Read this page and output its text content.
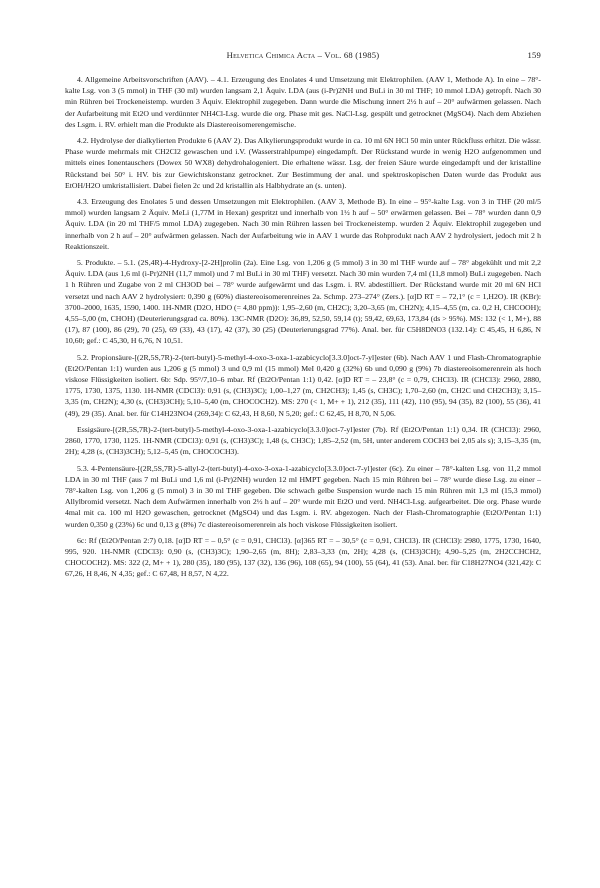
Helvetica Chimica Acta – Vol. 68 (1985)	159

4. Allgemeine Arbeitsvorschriften (AAV). – 4.1. Erzeugung des Enolates 4 und Umsetzung mit Elektrophilen. (AAV 1, Methode A). In eine – 78°-kalte Lsg. von 3 (5 mmol) in THF (30 ml) wurden langsam 2,1 Äquiv. LDA (aus (i-Pr)2NH und BuLi in 30 ml THF; 10 mmol LDA) getropft. Nach 30 min Rühren bei Trockeneistemp. wurden 3 Äquiv. Elektrophil zugegeben. Dann wurde die Mischung innert 2½ h auf – 20° aufwärmen gelassen. Nach der Aufarbeitung mit Et2O und verdünnter NH4Cl-Lsg. wurde die org. Phase mit ges. NaCl-Lsg. gespült und getrocknet (MgSO4). Nach dem Abziehen des Lsgm. i. RV. erhielt man die Produkte als Diastereoisomerengemische.

4.2. Hydrolyse der dialkylierten Produkte 6 (AAV 2). Das Alkylierungsprodukt wurde in ca. 10 ml 6N HCl 50 min unter Rückfluss erhitzt. Die wässr. Phase wurde mehrmals mit CH2Cl2 gewaschen und i.V. (Wasserstrahlpumpe) eingedampft. Der Rückstand wurde in wenig H2O aufgenommen und mittels eines Ionentauschers (Dowex 50 WX8) dehydrohalogeniert. Die erhaltene wässr. Lsg. der freien Säure wurde eingedampft und der kristalline Rückstand bei 50° i. HV. bis zur Gewichtskonstanz getrocknet. Zur Bestimmung der anal. und spektroskopischen Daten wurde das Produkt aus EtOH/H2O umkristallisiert. Dabei fielen 2c und 2d kristallin als Halbhydrate an (s. unten).

4.3. Erzeugung des Enolates 5 und dessen Umsetzungen mit Elektrophilen. (AAV 3, Methode B). In eine – 95°-kalte Lsg. von 3 in THF (20 ml/5 mmol) wurden langsam 2 Äquiv. MeLi (1,77M in Hexan) gespritzt und innerhalb von 1½ h auf – 50° erwärmen gelassen. Bei – 78° wurden dann 0,9 Äquiv. LDA (in 20 ml THF/5 mmol LDA) zugegeben. Nach 30 min Rühren lassen bei Trockeneistemp. wurden 2 Äquiv. Elektrophil zugegeben und innerhalb von 2 h auf – 20° aufwärmen gelassen. Nach der Aufarbeitung wie in AAV 1 wurde das Rohprodukt nach AAV 2 hydrolysiert, jedoch mit 2 h Reaktionszeit.

5. Produkte. – 5.1. (2S,4R)-4-Hydroxy-[2-2H]prolin (2a). Eine Lsg. von 1,206 g (5 mmol) 3 in 30 ml THF wurde auf – 78° abgekühlt und mit 2,2 Äquiv. LDA (aus 1,6 ml (i-Pr)2NH (11,7 mmol) und 7 ml BuLi in 30 ml THF) versetzt. Nach 30 min wurden 7,4 ml (11,8 mmol) BuLi zugegeben. Nach 1 h Rühren und Zugabe von 2 ml CH3OD bei – 78° wurde aufgewärmt und das Lsgm. i. RV. abdestilliert. Der Rückstand wurde mit 20 ml 6N HCl versetzt und nach AAV 2 hydrolysiert: 0,390 g (60%) diastereoisomerenreines 2a. Schmp. 273–274° (Zers.). [α]D RT = – 72,1° (c = 1,H2O). IR (KBr): 3700–2000, 1635, 1590, 1400. 1H-NMR (D2O, HDO (= 4,80 ppm)): 1,95–2,60 (m, CH2C); 3,20–3,65 (m, CH2N); 4,15–4,55 (m, ca. 0,2 H, CHCOOH); 4,55–5,00 (m, CHOH) (Deuterierungsgrad ca. 80%). 13C-NMR (D2O): 36,89, 52,50, 59,14 (t); 59,42, 69,63, 173,84 (ds > 95%). MS: 132 (< 1, M+), 88 (17), 87 (100), 86 (29), 70 (25), 69 (33), 43 (17), 42 (37), 30 (25) (Deuterierungsgrad 77%). Anal. ber. für C5H8DNO3 (132.14): C 45,45, H 6,86, N 10,60; gef.: C 45,30, H 6,76, N 10,51.

5.2. Propionsäure-[(2R,5S,7R)-2-(tert-butyl)-5-methyl-4-oxo-3-oxa-1-azabicyclo[3.3.0]oct-7-yl]ester (6b). Nach AAV 1 und Flash-Chromatographie (Et2O/Pentan 1:1) wurden aus 1,206 g (5 mmol) 3 und 0,9 ml (15 mmol) MeI 0,420 g (32%) 6b und 0,090 g (9%) 7b diastereoisomerenrein als hoch viskose Flüssigkeiten isoliert. 6b: Sdp. 95°/7,10–6 mbar. Rf (Et2O/Pentan 1:1) 0,42. [α]D RT = – 23,8° (c = 0,79, CHCl3). IR (CHCl3): 2960, 2880, 1775, 1730, 1375, 1130. 1H-NMR (CDCl3): 0,91 (s, (CH3)3C); 1,00–1,27 (m, CH2CH3); 1,45 (s, CH3C); 1,70–2,60 (m, CH2C und CH2CH3); 3,15–3,35 (m, CH2N); 4,30 (s, (CH3)3CH); 5,10–5,40 (m, CHOCOCH2). MS: 270 (< 1, M+ + 1), 212 (35), 111 (42), 110 (95), 94 (35), 82 (100), 55 (36), 41 (49), 29 (35). Anal. ber. für C14H23NO4 (269,34): C 62,43, H 8,60, N 5,20; gef.: C 62,45, H 8,70, N 5,06.

Essigsäure-[(2R,5S,7R)-2-(tert-butyl)-5-methyl-4-oxo-3-oxa-1-azabicyclo[3.3.0]oct-7-yl]ester (7b). Rf (Et2O/Pentan 1:1) 0,34. IR (CHCl3): 2960, 2860, 1770, 1730, 1125. 1H-NMR (CDCl3): 0,91 (s, (CH3)3C); 1,48 (s, CH3C); 1,85–2,52 (m, 5H, unter anderem COCH3 bei 2,05 als s); 3,15–3,35 (m, 2H); 4,28 (s, (CH3)3CH); 5,12–5,45 (m, CHOCOCH3).

5.3. 4-Pentensäure-[(2R,5S,7R)-5-allyl-2-(tert-butyl)-4-oxo-3-oxa-1-azabicyclo[3.3.0]oct-7-yl]ester (6c). Zu einer – 78°-kalten Lsg. von 11,2 mmol LDA in 30 ml THF (aus 7 ml BuLi und 1,6 ml (i-Pr)2NH) wurden 12 ml HMPT gegeben. Nach 15 min Rühren bei – 78° wurde diese Lsg. zu einer – 78°-kalten Lsg. von 1,206 g (5 mmol) 3 in 30 ml THF gegeben. Die schwach gelbe Suspension wurde nach 15 min Rühren mit 1,3 ml (15,3 mmol) Allylbromid versetzt. Nach dem Aufwärmen innerhalb von 2½ h auf – 20° wurde mit Et2O und verd. NH4Cl-Lsg. aufgearbeitet. Die org. Phase wurde 4mal mit ca. 100 ml H2O gewaschen, getrocknet (MgSO4) und das Lsgm. i. RV. abgezogen. Nach der Flash-Chromatographie (Et2O/Pentan 1:1) wurden 0,350 g (23%) 6c und 0,13 g (8%) 7c diastereoisomerenrein als hoch viskose Flüssigkeiten isoliert.

6c: Rf (Et2O/Pentan 2:7) 0,18. [α]D RT = – 0,5° (c = 0,91, CHCl3). [α]365 RT = – 30,5° (c = 0,91, CHCl3). IR (CHCl3): 2980, 1775, 1730, 1640, 995, 920. 1H-NMR (CDCl3): 0,90 (s, (CH3)3C); 1,90–2,65 (m, 8H); 2,83–3,33 (m, 2H); 4,28 (s, (CH3)3CH); 4,90–5,25 (m, 2H2CCHCH2, CHOCOCH2). MS: 322 (2, M+ + 1), 280 (35), 180 (95), 137 (32), 136 (96), 108 (65), 94 (100), 55 (64), 41 (53). Anal. ber. für C18H27NO4 (321,42): C 67,26, H 8,46, N 4,35; gef.: C 67,48, H 8,57, N 4,22.
